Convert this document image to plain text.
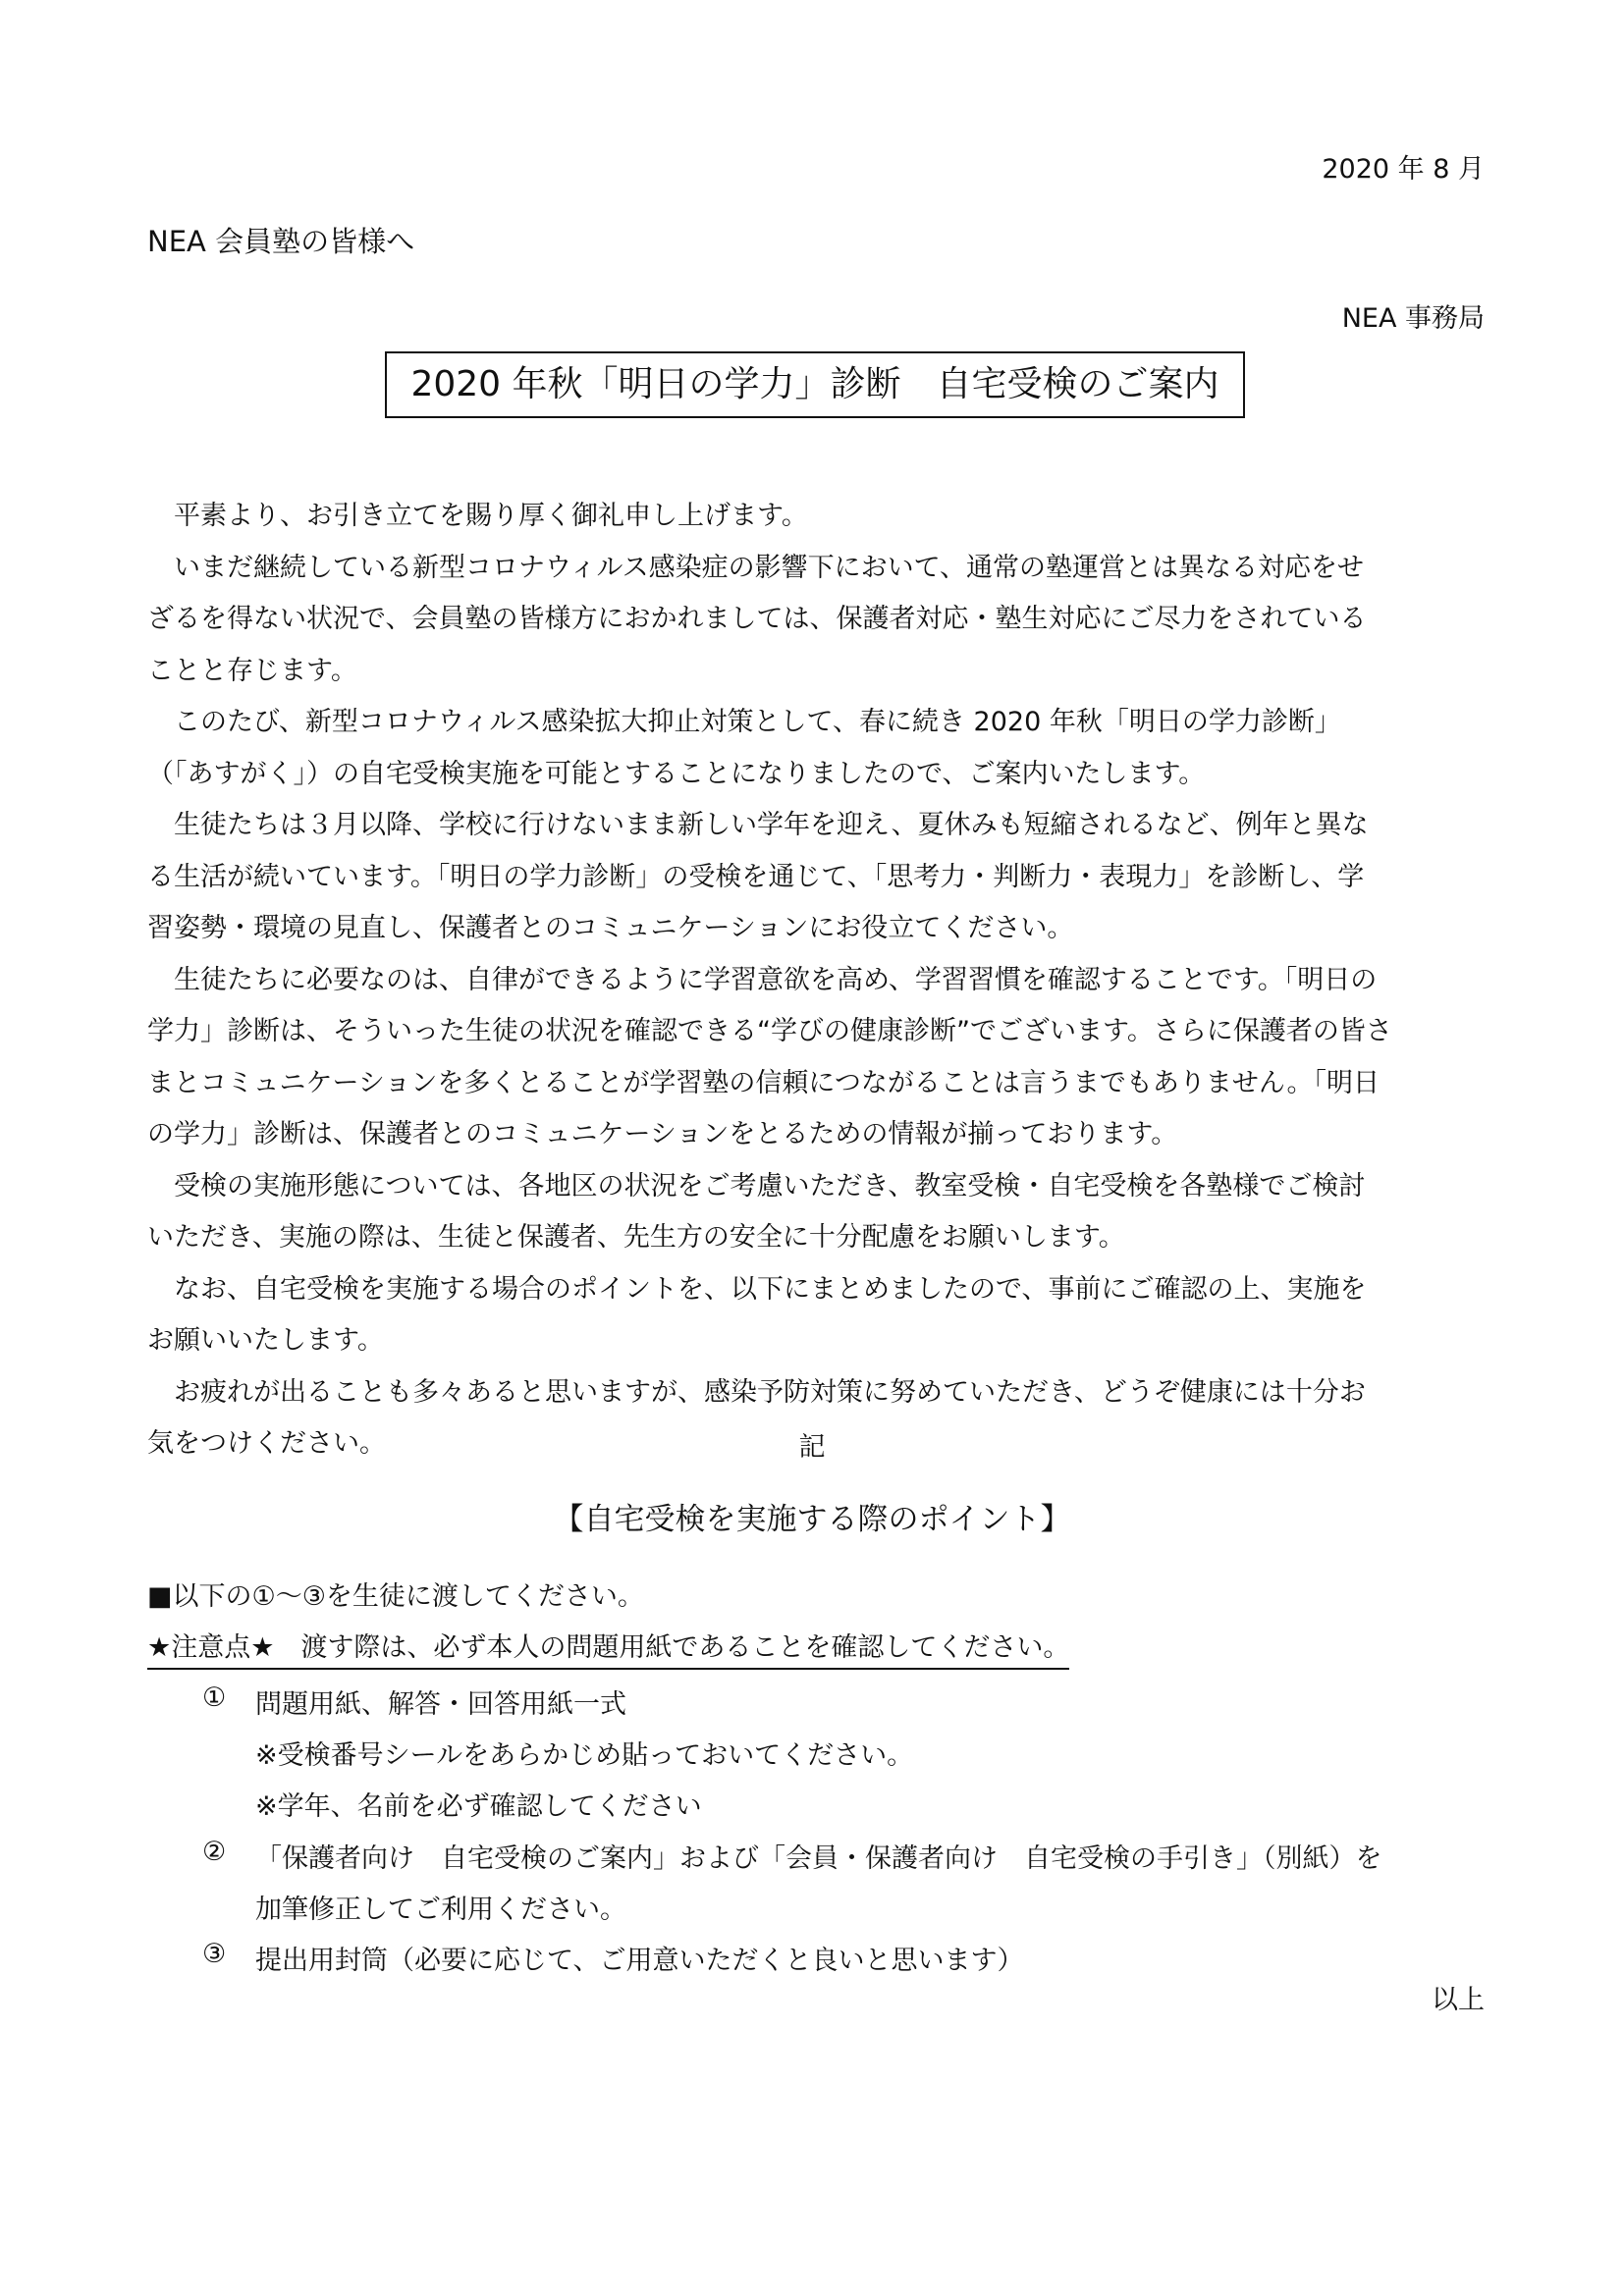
2020 年 8 月
NEA 会員塾の皆様へ
NEA 事務局
2020 年秋「明日の学力」診断　自宅受検のご案内
　平素より、お引き立てを賜り厚く御礼申し上げます。
　いまだ継続している新型コロナウィルス感染症の影響下において、通常の塾運営とは異なる対応をせ
ざるを得ない状況で、会員塾の皆様方におかれましては、保護者対応・塾生対応にご尽力をされている
ことと存じます。
　このたび、新型コロナウィルス感染拡大抑止対策として、春に続き 2020 年秋「明日の学力診断」
（「あすがく」）の自宅受検実施を可能とすることになりましたので、ご案内いたします。
　生徒たちは３月以降、学校に行けないまま新しい学年を迎え、夏休みも短縮されるなど、例年と異な
る生活が続いています。「明日の学力診断」の受検を通じて、「思考力・判断力・表現力」を診断し、学
習姿勢・環境の見直し、保護者とのコミュニケーションにお役立てください。
　生徒たちに必要なのは、自律ができるように学習意欲を高め、学習習慣を確認することです。「明日の
学力」診断は、そういった生徒の状況を確認できる“学びの健康診断”でございます。さらに保護者の皆さ
まとコミュニケーションを多くとることが学習塾の信頼につながることは言うまでもありません。「明日
の学力」診断は、保護者とのコミュニケーションをとるための情報が揃っております。
　受検の実施形態については、各地区の状況をご考慮いただき、教室受検・自宅受検を各塾様でご検討
いただき、実施の際は、生徒と保護者、先生方の安全に十分配慮をお願いします。
　なお、自宅受検を実施する場合のポイントを、以下にまとめましたので、事前にご確認の上、実施を
お願いいたします。
　お疲れが出ることも多々あると思いますが、感染予防対策に努めていただき、どうぞ健康には十分お
気をつけください。	記
【自宅受検を実施する際のポイント】
■以下の①～③を生徒に渡してください。
★注意点★　渡す際は、必ず本人の問題用紙であることを確認してください。
① 問題用紙、解答・回答用紙一式
※受検番号シールをあらかじめ貼っておいてください。
※学年、名前を必ず確認してください
② 「保護者向け　自宅受検のご案内」および「会員・保護者向け　自宅受検の手引き」（別紙）を
加筆修正してご利用ください。
③ 提出用封筒（必要に応じて、ご用意いただくと良いと思います）
以上
